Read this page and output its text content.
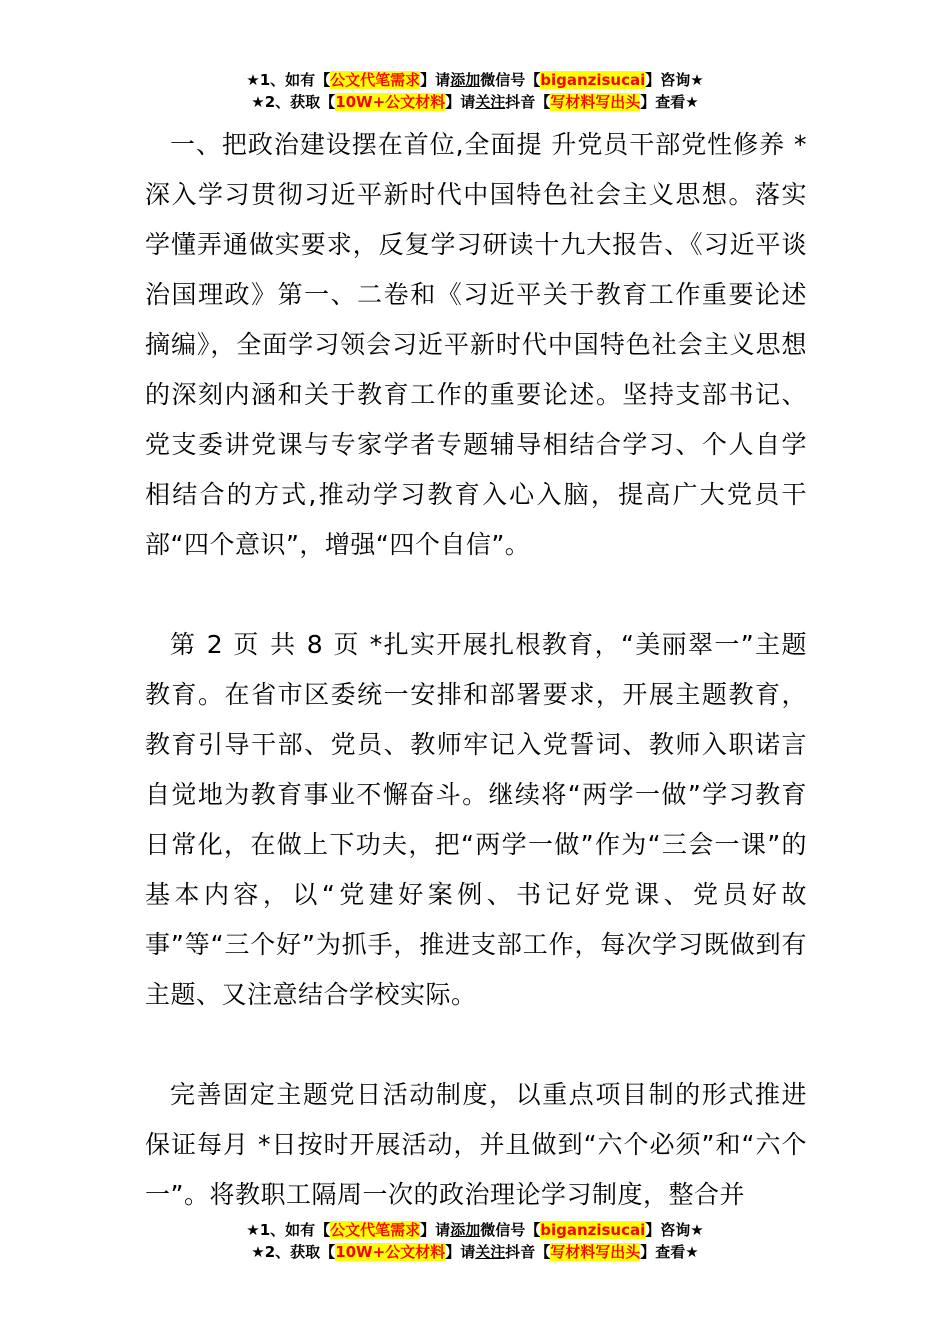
★1、如有【公文代笔需求】请添加微信号【biganzisucai】咨询★
★2、获取【10W+公文材料】请关注抖音【写材料写出头】查看★

一、把政治建设摆在首位,全面提 升党员干部党性修养 *深入学习贯彻习近平新时代中国特色社会主义思想。落实学懂弄通做实要求，反复学习研读十九大报告、《习近平谈治国理政》第一、二卷和《习近平关于教育工作重要论述摘编》，全面学习领会习近平新时代中国特色社会主义思想的深刻内涵和关于教育工作的重要论述。坚持支部书记、党支委讲党课与专家学者专题辅导相结合学习、个人自学相结合的方式,推动学习教育入心入脑，提高广大党员干部“四个意识”，增强“四个自信”。

第 2 页 共 8 页 *扎实开展扎根教育，“美丽翠一”主题教育。在省市区委统一安排和部署要求，开展主题教育，教育引导干部、党员、教师牢记入党誓词、教师入职诺言自觉地为教育事业不懈奋斗。继续将“两学一做”学习教育日常化，在做上下功夫，把“两学一做”作为“三会一课”的基本内容，以“党建好案例、书记好党课、党员好故事”等“三个好”为抓手，推进支部工作，每次学习既做到有主题、又注意结合学校实际。

完善固定主题党日活动制度，以重点项目制的形式推进保证每月 *日按时开展活动，并且做到“六个必须”和“六个一”。将教职工隔周一次的政治理论学习制度，整合并

★1、如有【公文代笔需求】请添加微信号【biganzisucai】咨询★
★2、获取【10W+公文材料】请关注抖音【写材料写出头】查看★
